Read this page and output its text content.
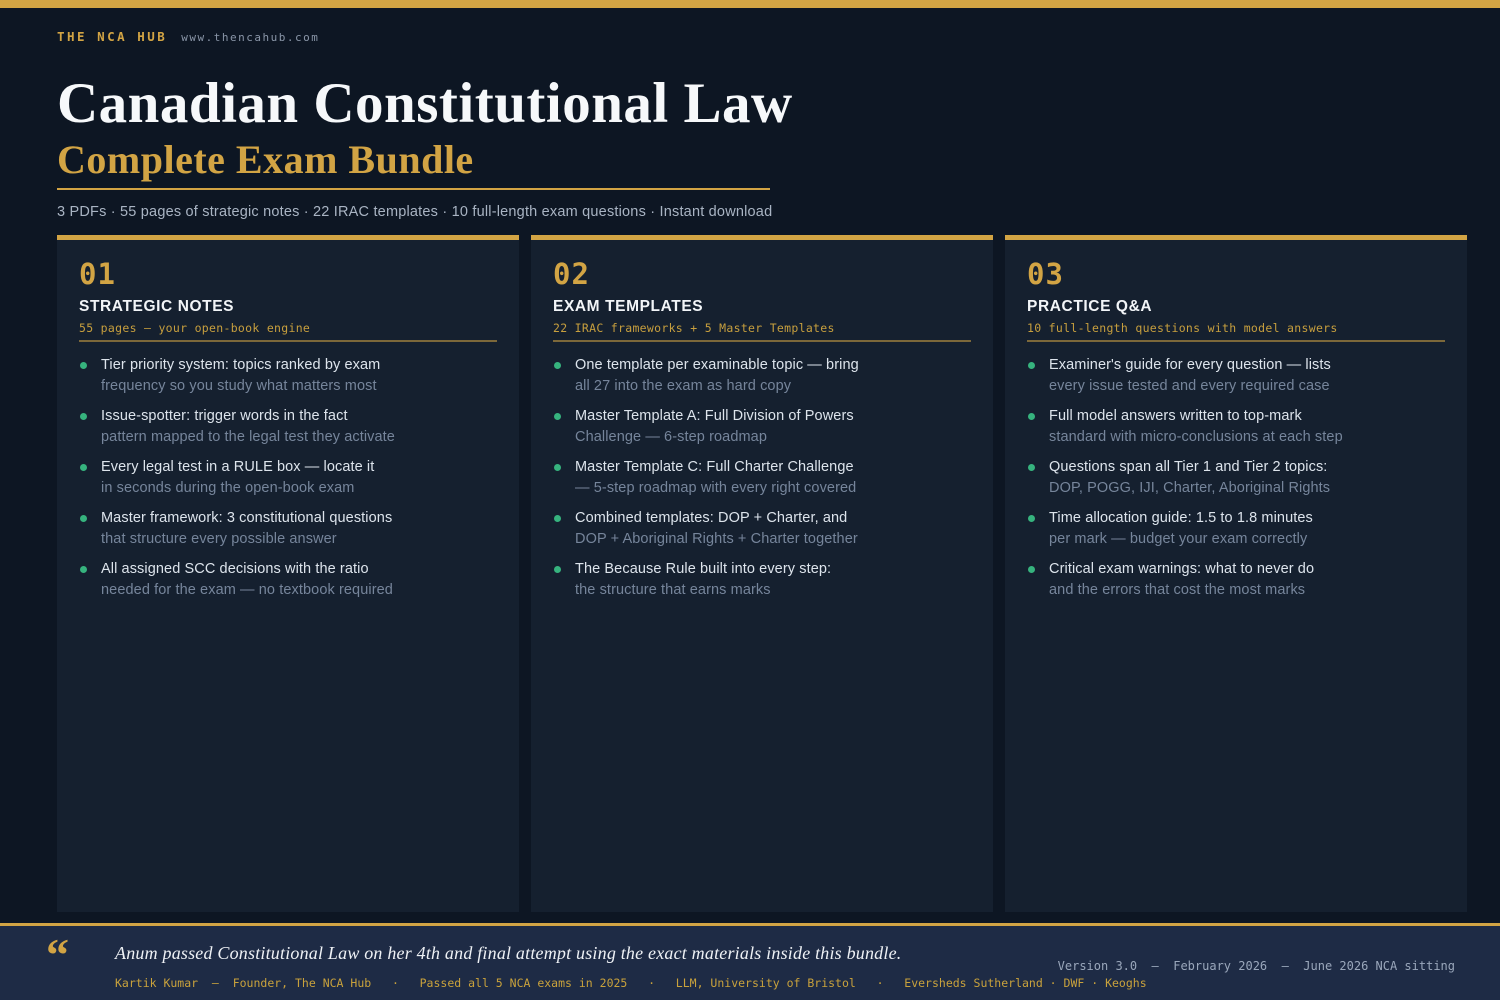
THE NCA HUB www.thencahub.com
Canadian Constitutional Law
Complete Exam Bundle
3 PDFs · 55 pages of strategic notes · 22 IRAC templates · 10 full-length exam questions · Instant download
01
STRATEGIC NOTES
55 pages — your open-book engine
Tier priority system: topics ranked by exam
frequency so you study what matters most
Issue-spotter: trigger words in the fact
pattern mapped to the legal test they activate
Every legal test in a RULE box — locate it
in seconds during the open-book exam
Master framework: 3 constitutional questions
that structure every possible answer
All assigned SCC decisions with the ratio
needed for the exam — no textbook required
02
EXAM TEMPLATES
22 IRAC frameworks + 5 Master Templates
One template per examinable topic — bring
all 27 into the exam as hard copy
Master Template A: Full Division of Powers
Challenge — 6-step roadmap
Master Template C: Full Charter Challenge
— 5-step roadmap with every right covered
Combined templates: DOP + Charter, and
DOP + Aboriginal Rights + Charter together
The Because Rule built into every step:
the structure that earns marks
03
PRACTICE Q&A
10 full-length questions with model answers
Examiner's guide for every question — lists
every issue tested and every required case
Full model answers written to top-mark
standard with micro-conclusions at each step
Questions span all Tier 1 and Tier 2 topics:
DOP, POGG, IJI, Charter, Aboriginal Rights
Time allocation guide: 1.5 to 1.8 minutes
per mark — budget your exam correctly
Critical exam warnings: what to never do
and the errors that cost the most marks
“	Anum passed Constitutional Law on her 4th and final attempt using the exact materials inside this bundle.
Kartik Kumar  —  Founder, The NCA Hub   ·   Passed all 5 NCA exams in 2025   ·   LLM, University of Bristol   ·   Eversheds Sutherland · DWF · Keoghs
Version 3.0  —  February 2026  —  June 2026 NCA sitting
